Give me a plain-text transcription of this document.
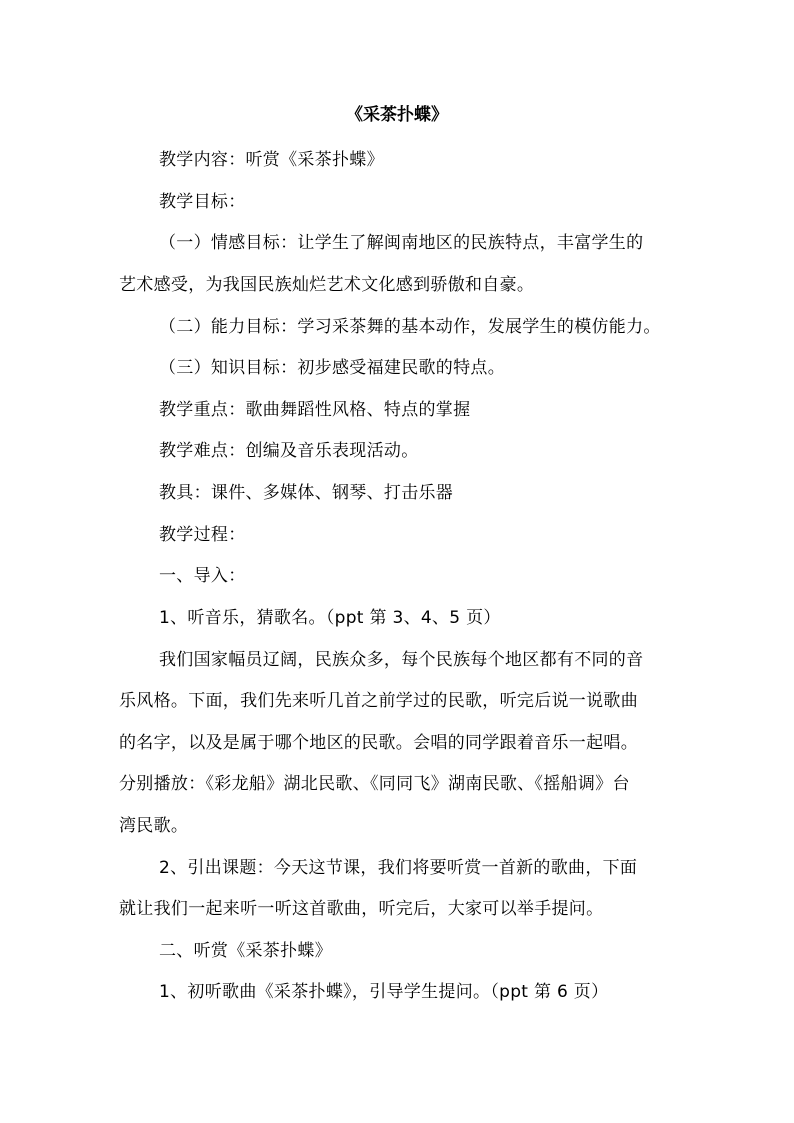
《采茶扑蝶》
教学内容：听赏《采茶扑蝶》
教学目标：
（一）情感目标：让学生了解闽南地区的民族特点，丰富学生的
艺术感受，为我国民族灿烂艺术文化感到骄傲和自豪。
（二）能力目标：学习采茶舞的基本动作，发展学生的模仿能力。
（三）知识目标：初步感受福建民歌的特点。
教学重点：歌曲舞蹈性风格、特点的掌握
教学难点：创编及音乐表现活动。
教具：课件、多媒体、钢琴、打击乐器
教学过程：
一、导入：
1、听音乐，猜歌名。（ppt 第 3、4、5 页）
我们国家幅员辽阔，民族众多，每个民族每个地区都有不同的音
乐风格。下面，我们先来听几首之前学过的民歌，听完后说一说歌曲
的名字，以及是属于哪个地区的民歌。会唱的同学跟着音乐一起唱。
分别播放：《彩龙船》湖北民歌、《同同飞》湖南民歌、《摇船调》台
湾民歌。
2、引出课题：今天这节课，我们将要听赏一首新的歌曲，下面
就让我们一起来听一听这首歌曲，听完后，大家可以举手提问。
二、听赏《采茶扑蝶》
1、初听歌曲《采茶扑蝶》，引导学生提问。（ppt 第 6 页）
